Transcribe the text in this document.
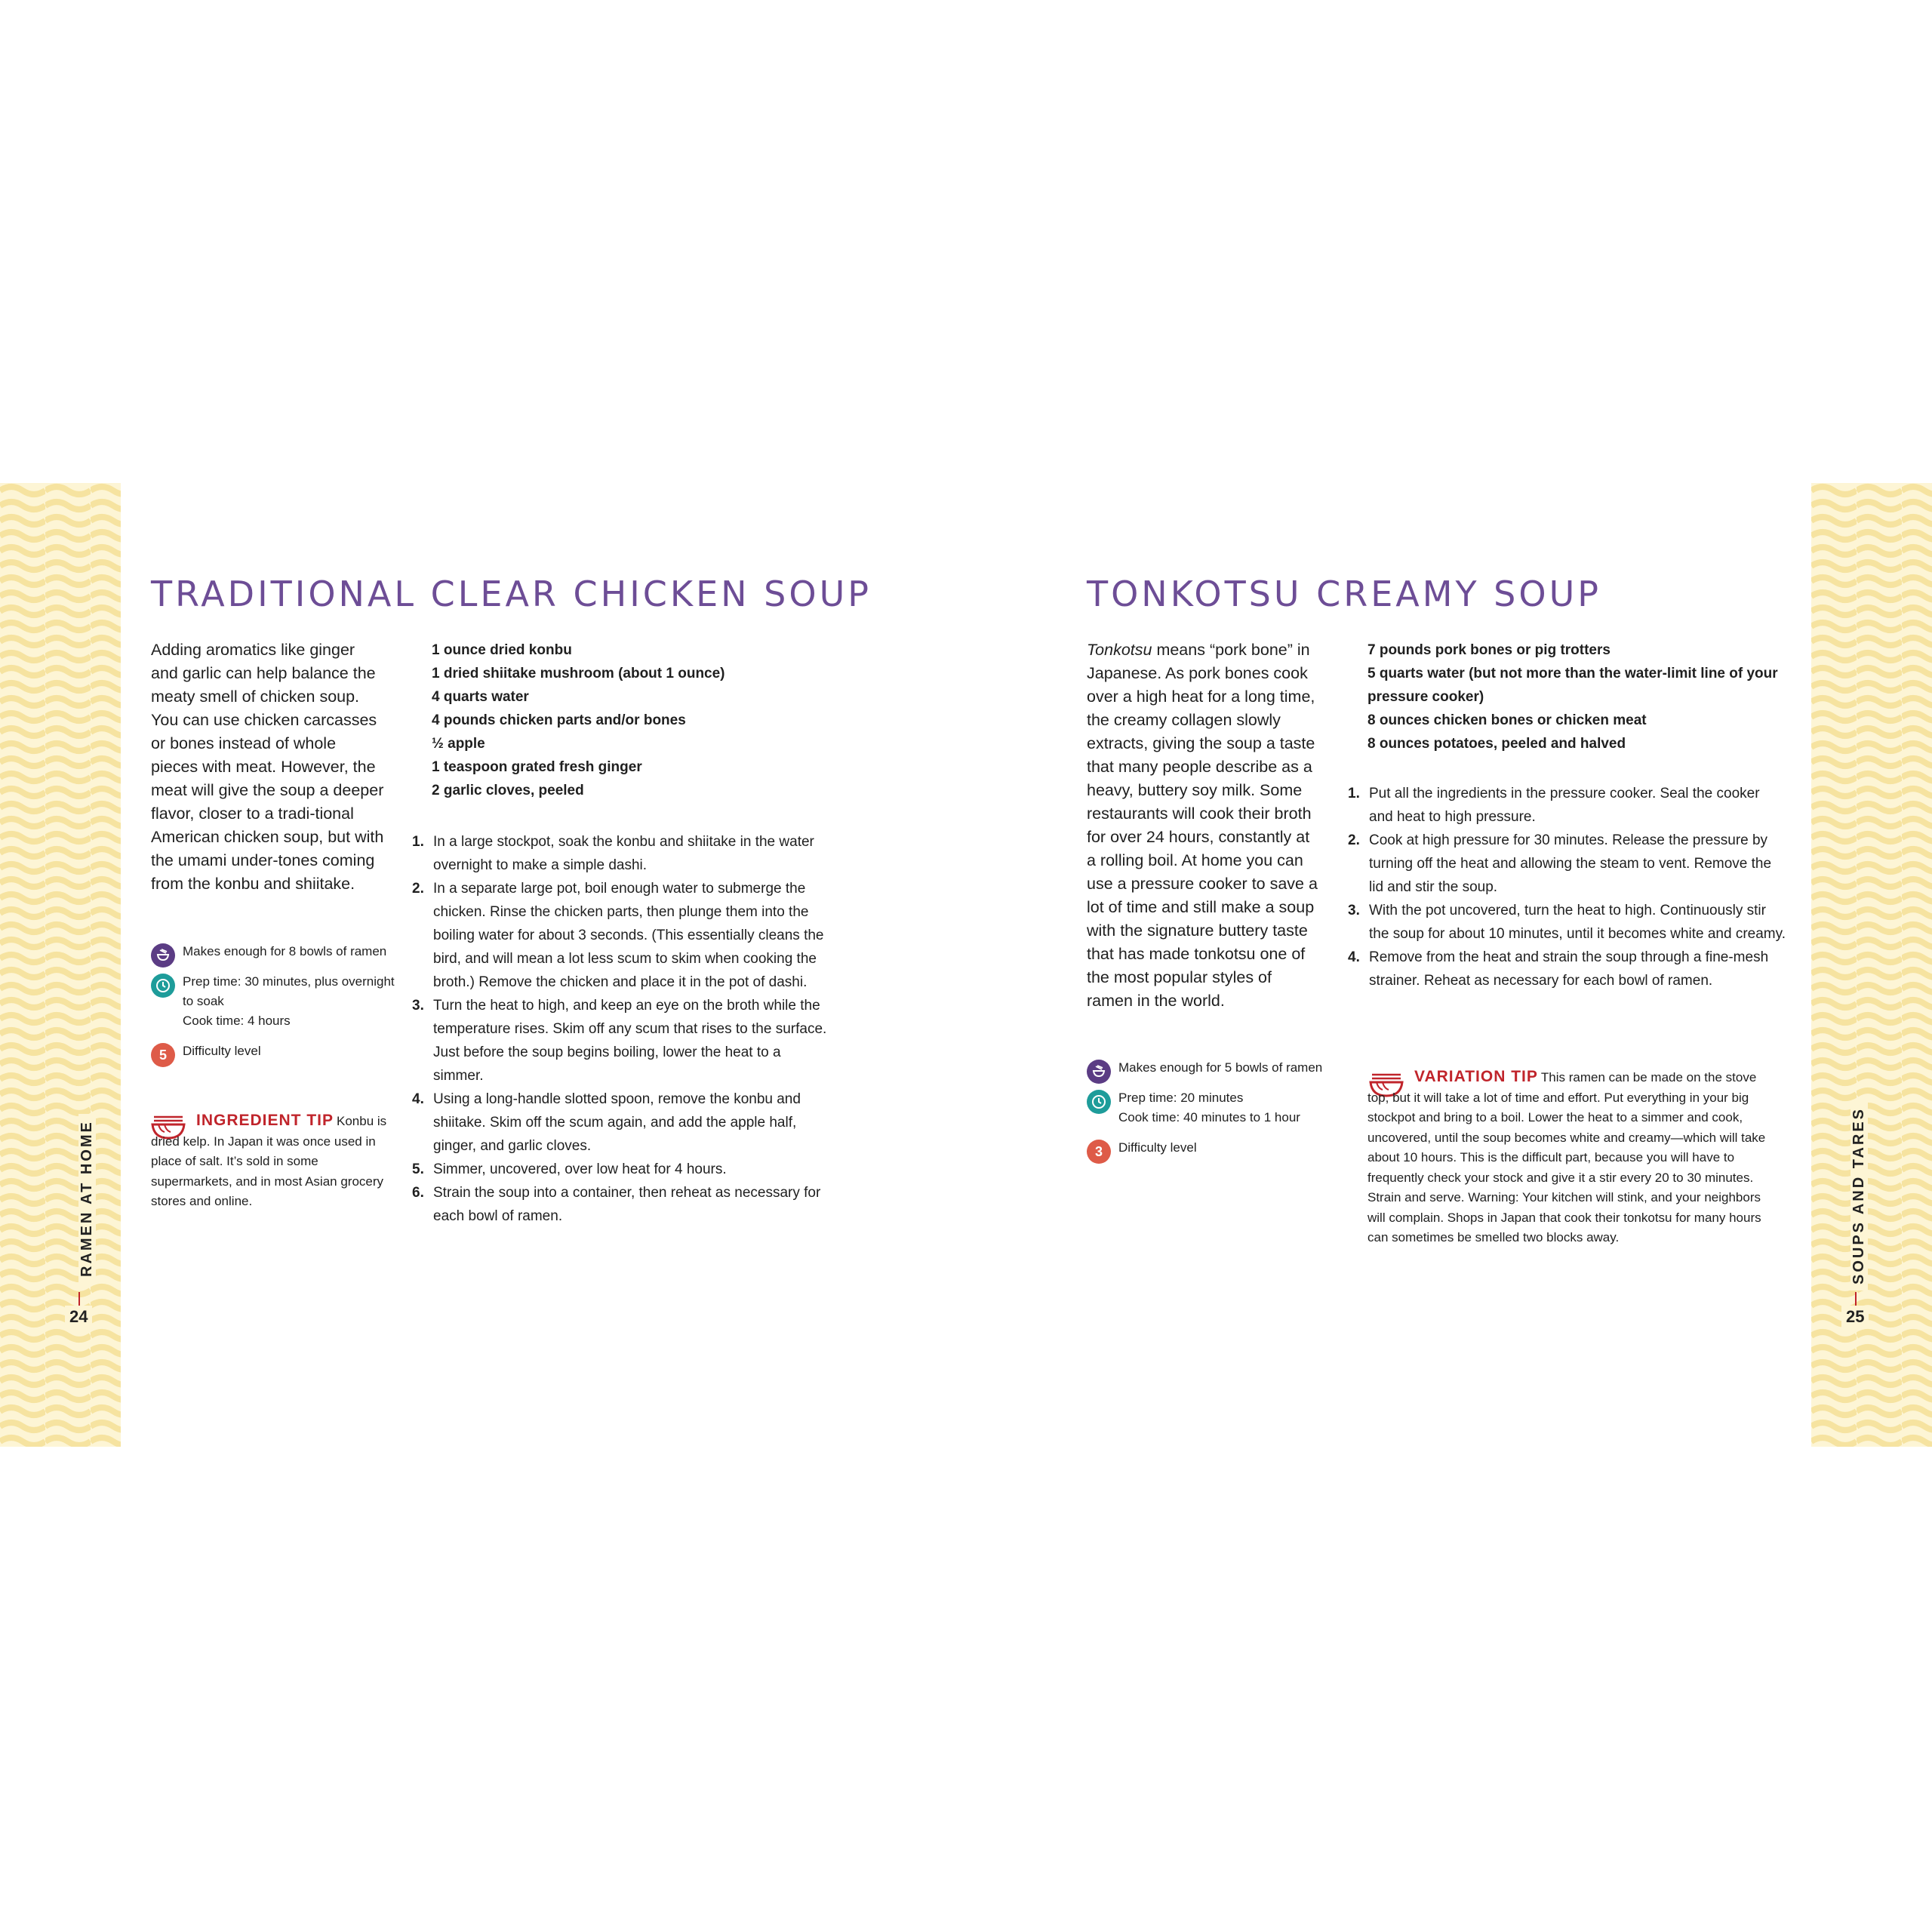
RAMEN AT HOME
24
SOUPS AND TARES
25
TRADITIONAL CLEAR CHICKEN SOUP

Adding aromatics like ginger and garlic can help balance the meaty smell of chicken soup. You can use chicken carcasses or bones instead of whole pieces with meat. However, the meat will give the soup a deeper flavor, closer to a tradi-tional American chicken soup, but with the umami under-tones coming from the konbu and shiitake.

1 ounce dried konbu
1 dried shiitake mushroom (about 1 ounce)
4 quarts water
4 pounds chicken parts and/or bones
½ apple
1 teaspoon grated fresh ginger
2 garlic cloves, peeled
1. In a large stockpot, soak the konbu and shiitake in the water overnight to make a simple dashi.
2. In a separate large pot, boil enough water to submerge the chicken. Rinse the chicken parts, then plunge them into the boiling water for about 3 seconds. (This essentially cleans the bird, and will mean a lot less scum to skim when cooking the broth.) Remove the chicken and place it in the pot of dashi.
3. Turn the heat to high, and keep an eye on the broth while the temperature rises. Skim off any scum that rises to the surface. Just before the soup begins boiling, lower the heat to a simmer.
4. Using a long-handle slotted spoon, remove the konbu and shiitake. Skim off the scum again, and add the apple half, ginger, and garlic cloves.
5. Simmer, uncovered, over low heat for 4 hours.
6. Strain the soup into a container, then reheat as necessary for each bowl of ramen.
Makes enough for 8 bowls of ramen
Prep time: 30 minutes, plus overnight to soak
Cook time: 4 hours
5	Difficulty level
INGREDIENT TIP Konbu is dried kelp. In Japan it was once used in place of salt. It’s sold in some supermarkets, and in most Asian grocery stores and online.
TONKOTSU CREAMY SOUP

Tonkotsu means “pork bone” in Japanese. As pork bones cook over a high heat for a long time, the creamy collagen slowly extracts, giving the soup a taste that many people describe as a heavy, buttery soy milk. Some restaurants will cook their broth for over 24 hours, constantly at a rolling boil. At home you can use a pressure cooker to save a lot of time and still make a soup with the signature buttery taste that has made tonkotsu one of the most popular styles of ramen in the world.

7 pounds pork bones or pig trotters
5 quarts water (but not more than the water-limit line of your pressure cooker)
8 ounces chicken bones or chicken meat
8 ounces potatoes, peeled and halved
1. Put all the ingredients in the pressure cooker. Seal the cooker and heat to high pressure.
2. Cook at high pressure for 30 minutes. Release the pressure by turning off the heat and allowing the steam to vent. Remove the lid and stir the soup.
3. With the pot uncovered, turn the heat to high. Continuously stir the soup for about 10 minutes, until it becomes white and creamy.
4. Remove from the heat and strain the soup through a fine-mesh strainer. Reheat as necessary for each bowl of ramen.
Makes enough for 5 bowls of ramen
Prep time: 20 minutes
Cook time: 40 minutes to 1 hour
3	Difficulty level
VARIATION TIP This ramen can be made on the stove top, but it will take a lot of time and effort. Put everything in your big stockpot and bring to a boil. Lower the heat to a simmer and cook, uncovered, until the soup becomes white and creamy—which will take about 10 hours. This is the difficult part, because you will have to frequently check your stock and give it a stir every 20 to 30 minutes. Strain and serve. Warning: Your kitchen will stink, and your neighbors will complain. Shops in Japan that cook their tonkotsu for many hours can sometimes be smelled two blocks away.
